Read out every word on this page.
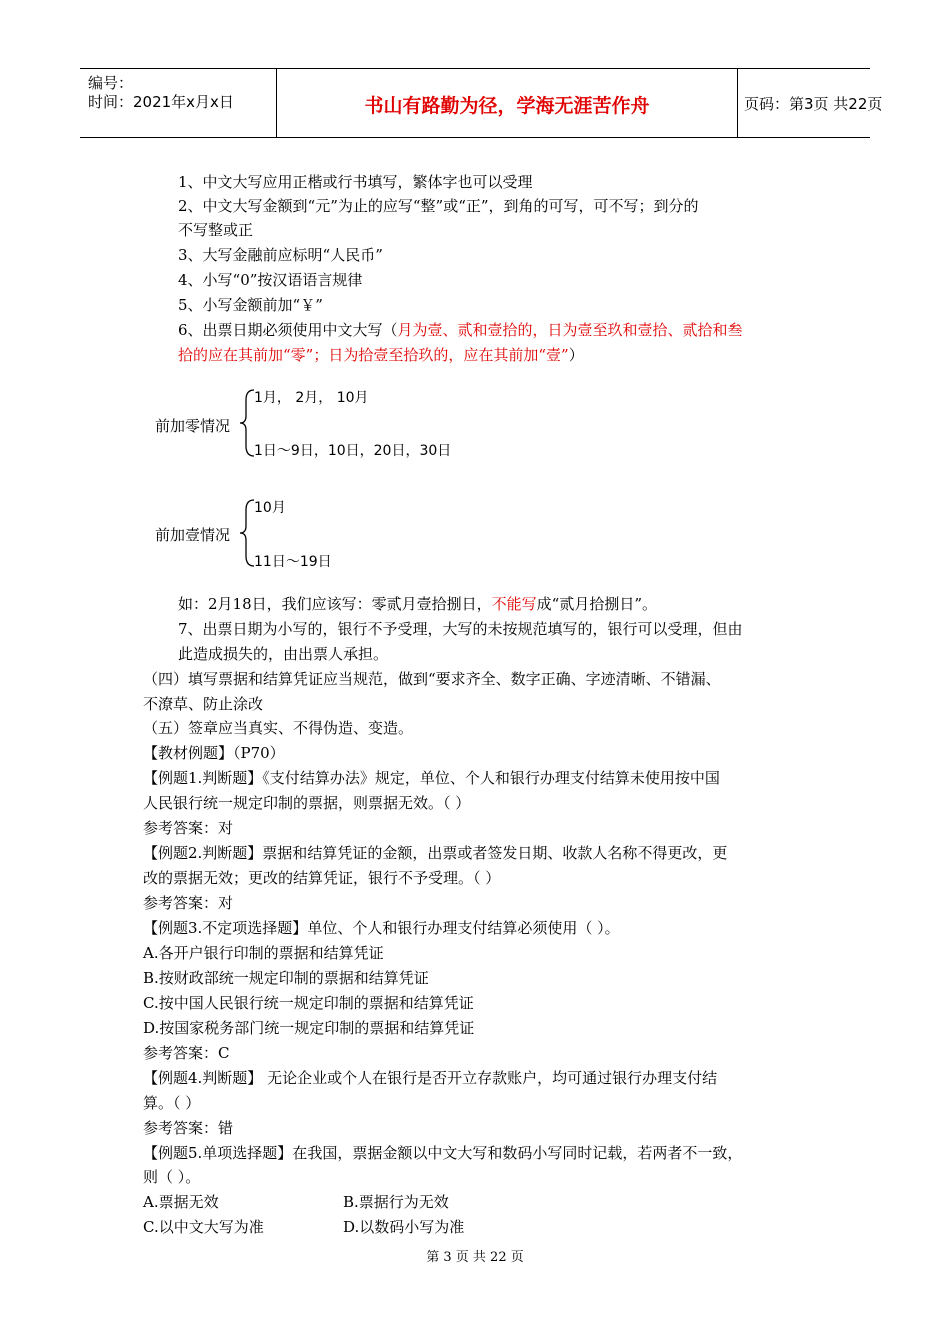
编号：
时间：2021年x月x日	书山有路勤为径，学海无涯苦作舟	页码：第3页 共22页
1、中文大写应用正楷或行书填写，繁体字也可以受理
2、中文大写金额到“元”为止的应写“整”或“正”，到角的可写，可不写；到分的
不写整或正
3、大写金融前应标明“人民币”
4、小写“0”按汉语语言规律
5、小写金额前加“￥”
6、出票日期必须使用中文大写（月为壹、贰和壹拾的，日为壹至玖和壹拾、贰拾和叁
拾的应在其前加“零”；日为拾壹至拾玖的，应在其前加“壹”）
前加零情况
1月， 2月， 10月
1日～9日，10日，20日，30日
前加壹情况
10月
11日～19日
如：2月18日，我们应该写：零贰月壹拾捌日，不能写成“贰月拾捌日”。
7、出票日期为小写的，银行不予受理，大写的未按规范填写的，银行可以受理，但由
此造成损失的，由出票人承担。
（四）填写票据和结算凭证应当规范，做到“要求齐全、数字正确、字迹清晰、不错漏、
不潦草、防止涂改
（五）签章应当真实、不得伪造、变造。
【教材例题】（P70）
【例题1.判断题】《支付结算办法》规定，单位、个人和银行办理支付结算未使用按中国
人民银行统一规定印制的票据，则票据无效。（ ）
参考答案：对
【例题2.判断题】票据和结算凭证的金额，出票或者签发日期、收款人名称不得更改，更
改的票据无效；更改的结算凭证，银行不予受理。（ ）
参考答案：对
【例题3.不定项选择题】单位、个人和银行办理支付结算必须使用（ ）。
A.各开户银行印制的票据和结算凭证
B.按财政部统一规定印制的票据和结算凭证
C.按中国人民银行统一规定印制的票据和结算凭证
D.按国家税务部门统一规定印制的票据和结算凭证
参考答案：C
【例题4.判断题】 无论企业或个人在银行是否开立存款账户，均可通过银行办理支付结
算。（ ）
参考答案：错
【例题5.单项选择题】在我国，票据金额以中文大写和数码小写同时记载，若两者不一致，
则（ ）。
A.票据无效	B.票据行为无效
C.以中文大写为准	D.以数码小写为准
第 3 页 共 22 页
